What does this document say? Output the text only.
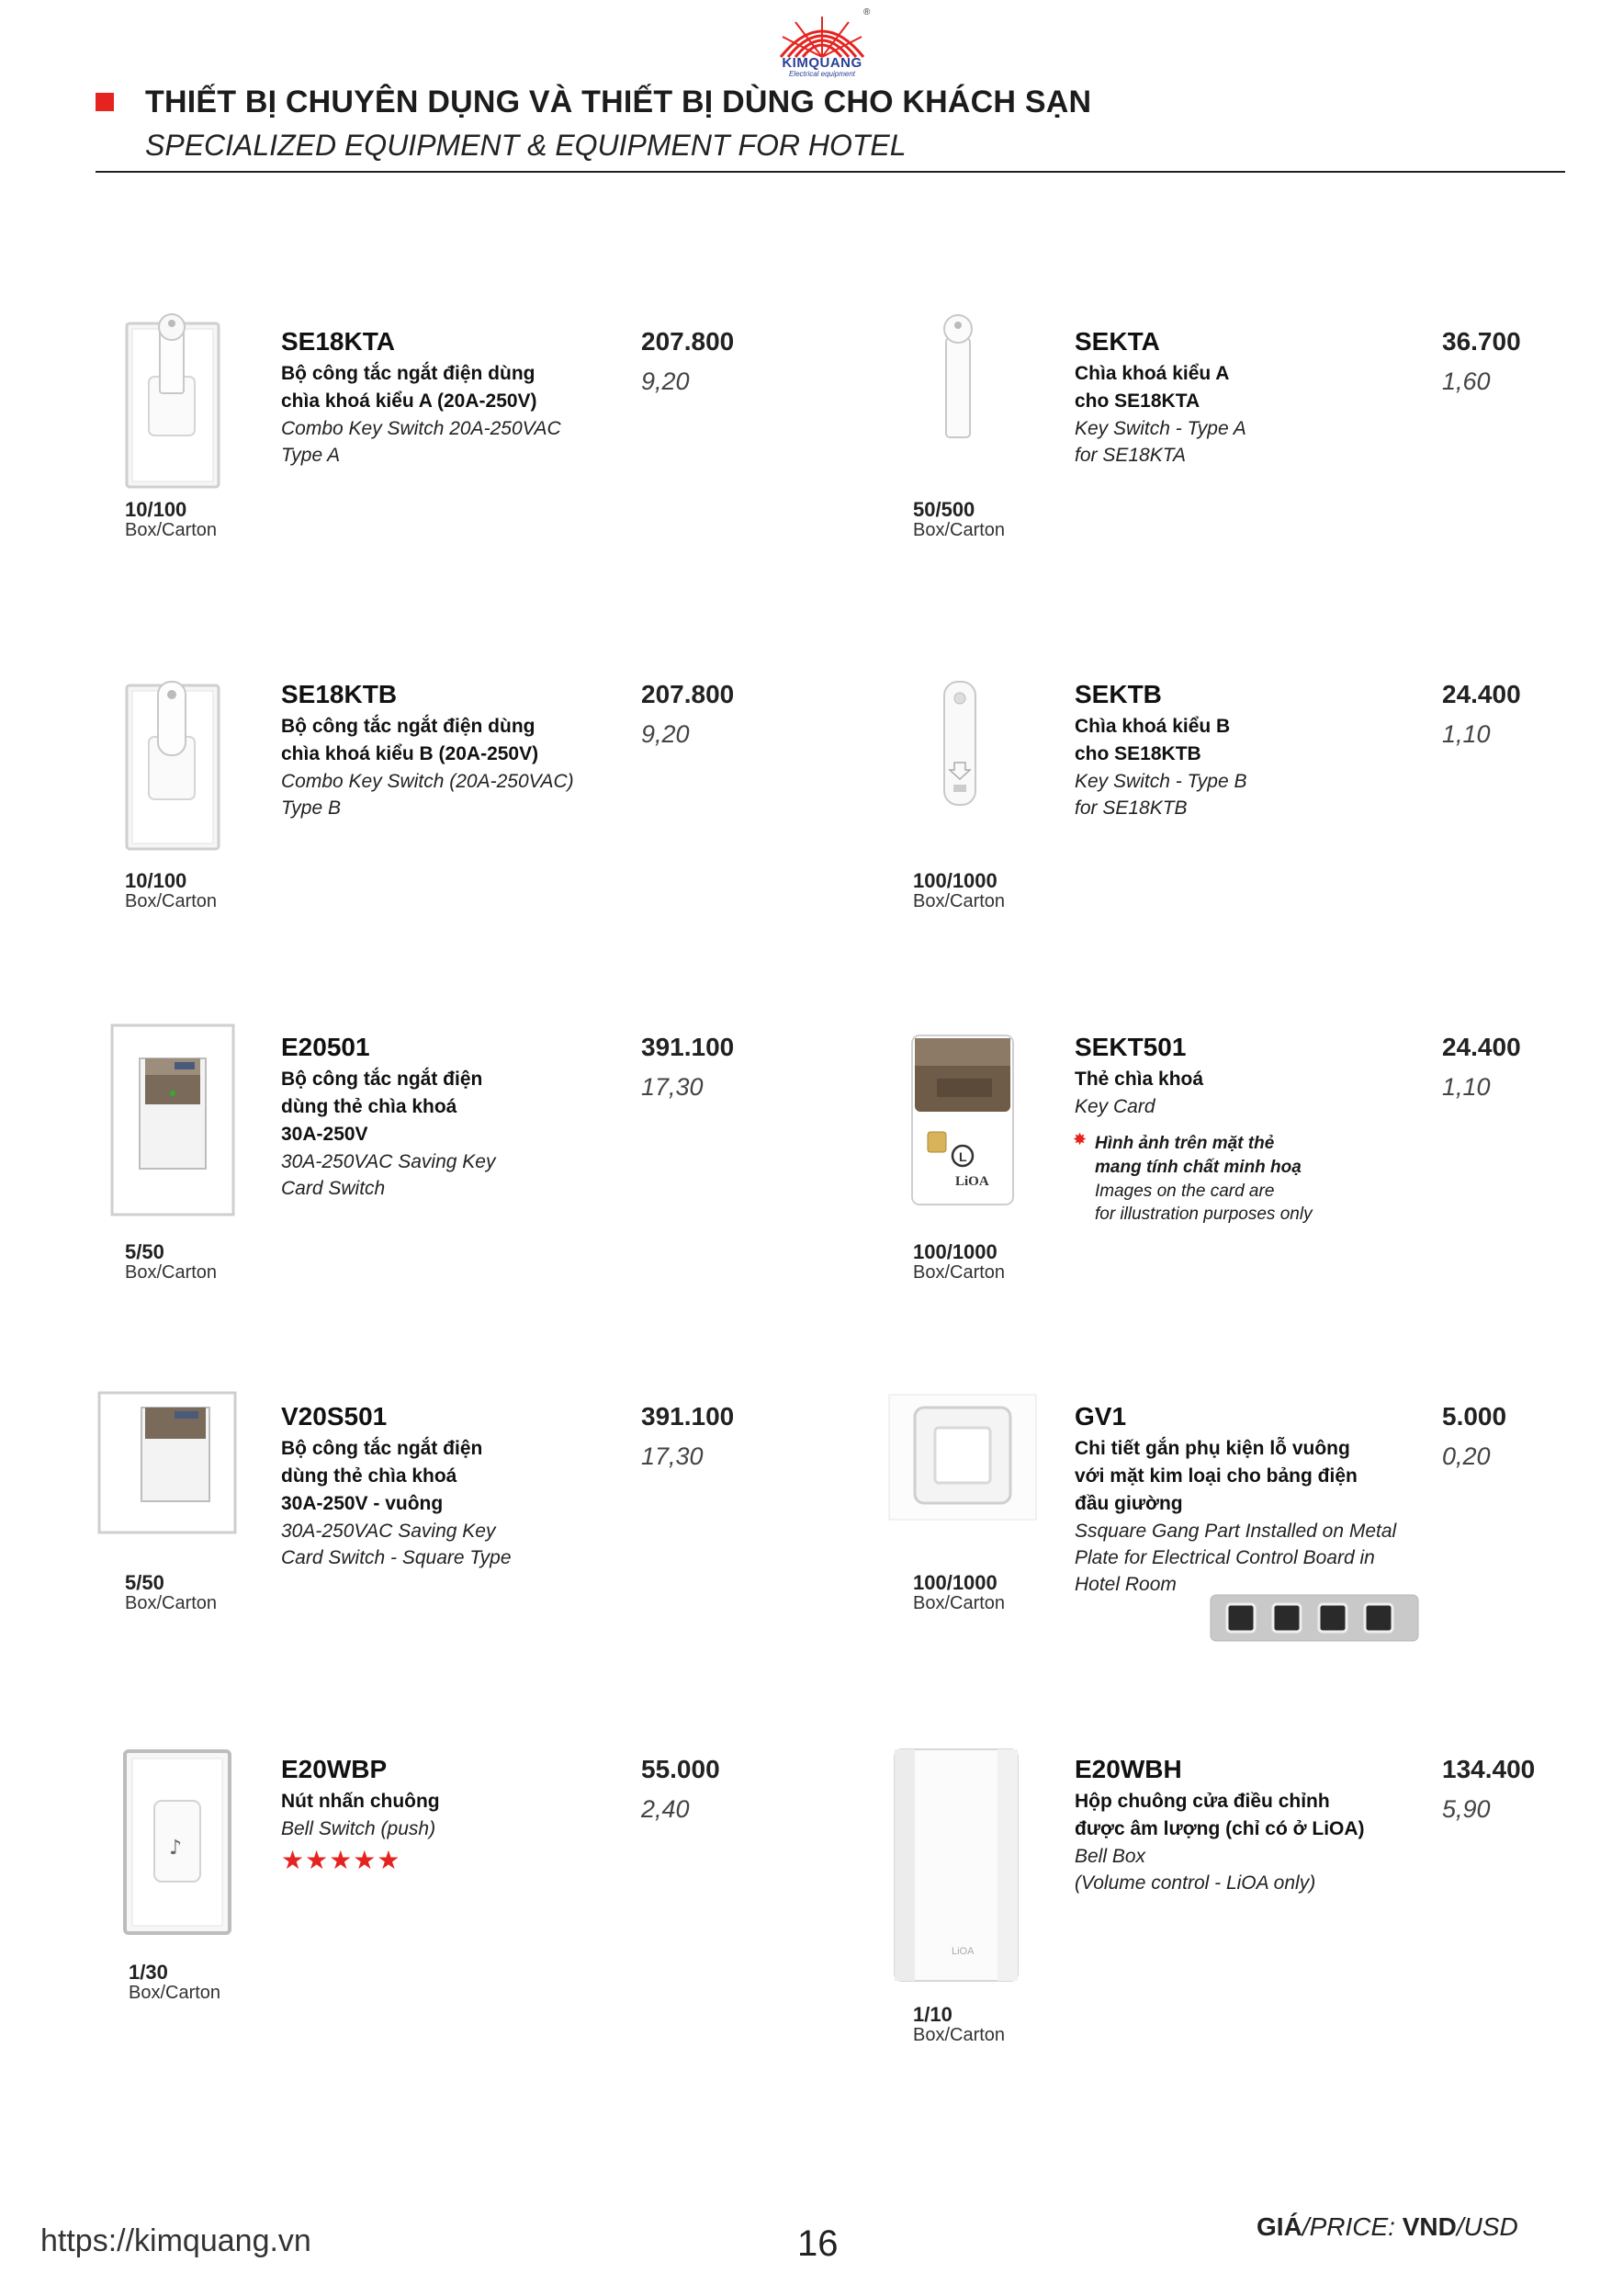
KIMQUANG
Electrical equipment
®
THIẾT BỊ CHUYÊN DỤNG VÀ THIẾT BỊ DÙNG CHO KHÁCH SẠN
SPECIALIZED EQUIPMENT & EQUIPMENT FOR HOTEL
10/100
Box/Carton
SE18KTA
Bộ công tắc ngắt điện dùng
chìa khoá kiểu A (20A-250V)
Combo Key Switch 20A-250VAC
Type A
207.800
9,20
50/500
Box/Carton
SEKTA
Chìa khoá kiểu A
cho SE18KTA
Key Switch - Type A
for SE18KTA
36.700
1,60
10/100
Box/Carton
SE18KTB
Bộ công tắc ngắt điện dùng
chìa khoá kiểu B (20A-250V)
Combo Key Switch (20A-250VAC)
Type B
207.800
9,20
100/1000
Box/Carton
SEKTB
Chìa khoá kiểu B
cho SE18KTB
Key Switch - Type B
for SE18KTB
24.400
1,10
5/50
Box/Carton
E20501
Bộ công tắc ngắt điện
dùng thẻ chìa khoá
30A-250V
30A-250VAC Saving Key
Card Switch
391.100
17,30
L
LiOA
100/1000
Box/Carton
SEKT501
Thẻ chìa khoá
Key Card
✸ Hình ảnh trên mặt thẻ
mang tính chất minh hoạ
Images on the card are
for illustration purposes only
24.400
1,10
5/50
Box/Carton
V20S501
Bộ công tắc ngắt điện
dùng thẻ chìa khoá
30A-250V - vuông
30A-250VAC Saving Key
Card Switch - Square Type
391.100
17,30
100/1000
Box/Carton
GV1
Chi tiết gắn phụ kiện lỗ vuông
với mặt kim loại cho bảng điện
đầu giường
Ssquare Gang Part Installed on Metal
Plate for Electrical Control Board in
Hotel Room
5.000
0,20
♪
1/30
Box/Carton
E20WBP
Nút nhấn chuông
Bell Switch (push)
★★★★★
55.000
2,40
LiOA
1/10
Box/Carton
E20WBH
Hộp chuông cửa điều chỉnh
được âm lượng (chỉ có ở LiOA)
Bell Box
(Volume control - LiOA only)
134.400
5,90
https://kimquang.vn	16	GIÁ/PRICE: VND/USD
